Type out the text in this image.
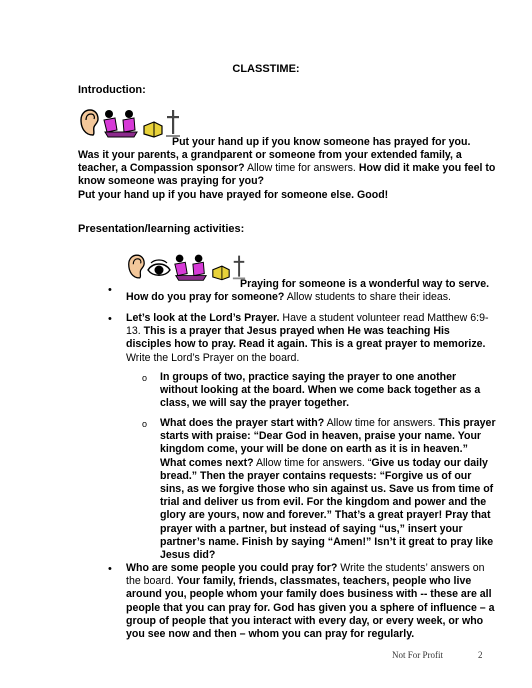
CLASSTIME:
Introduction:
Put your hand up if you know someone has prayed for you.
Was it your parents, a grandparent or someone from your extended family, a teacher, a Compassion sponsor? Allow time for answers. How did it make you feel to know someone was praying for you?
Put your hand up if you have prayed for someone else. Good!
Presentation/learning activities:
•	Praying for someone is a wonderful way to serve. How do you pray for someone? Allow students to share their ideas.
• Let’s look at the Lord’s Prayer. Have a student volunteer read Matthew 6:9-13. This is a prayer that Jesus prayed when He was teaching His disciples how to pray. Read it again. This is a great prayer to memorize. Write the Lord’s Prayer on the board.
o In groups of two, practice saying the prayer to one another without looking at the board. When we come back together as a class, we will say the prayer together.
o What does the prayer start with? Allow time for answers. This prayer starts with praise: “Dear God in heaven, praise your name. Your kingdom come, your will be done on earth as it is in heaven.” What comes next? Allow time for answers. “Give us today our daily bread.” Then the prayer contains requests: “Forgive us of our sins, as we forgive those who sin against us. Save us from time of trial and deliver us from evil. For the kingdom and power and the glory are yours, now and forever.” That’s a great prayer! Pray that prayer with a partner, but instead of saying “us,” insert your partner’s name. Finish by saying “Amen!” Isn’t it great to pray like Jesus did?
• Who are some people you could pray for? Write the students’ answers on the board. Your family, friends, classmates, teachers, people who live around you, people whom your family does business with -- these are all people that you can pray for. God has given you a sphere of influence – a group of people that you interact with every day, or every week, or who you see now and then – whom you can pray for regularly.
Not For Profit	2
